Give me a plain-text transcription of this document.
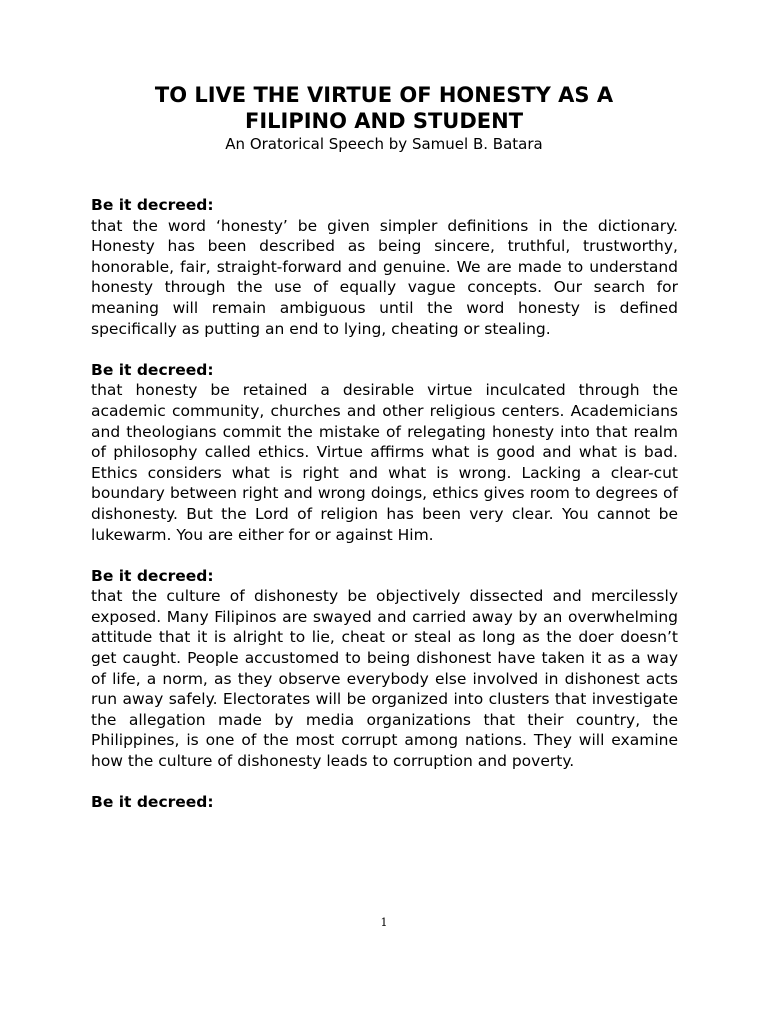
TO LIVE THE VIRTUE OF HONESTY AS A
FILIPINO AND STUDENT

An Oratorical Speech by Samuel B. Batara

Be it decreed:

that the word ‘honesty’ be given simpler definitions in the dictionary. Honesty has been described as being sincere, truthful, trustworthy, honorable, fair, straight-forward and genuine. We are made to understand honesty through the use of equally vague concepts. Our search for meaning will remain ambiguous until the word honesty is defined specifically as putting an end to lying, cheating or stealing.

Be it decreed:

that honesty be retained a desirable virtue inculcated through the academic community, churches and other religious centers. Academicians and theologians commit the mistake of relegating honesty into that realm of philosophy called ethics. Virtue affirms what is good and what is bad. Ethics considers what is right and what is wrong. Lacking a clear-cut boundary between right and wrong doings, ethics gives room to degrees of dishonesty. But the Lord of religion has been very clear. You cannot be lukewarm. You are either for or against Him.

Be it decreed:

that the culture of dishonesty be objectively dissected and mercilessly exposed. Many Filipinos are swayed and carried away by an overwhelming attitude that it is alright to lie, cheat or steal as long as the doer doesn’t get caught. People accustomed to being dishonest have taken it as a way of life, a norm, as they observe everybody else involved in dishonest acts run away safely. Electorates will be organized into clusters that investigate the allegation made by media organizations that their country, the Philippines, is one of the most corrupt among nations. They will examine how the culture of dishonesty leads to corruption and poverty.

Be it decreed:

1
